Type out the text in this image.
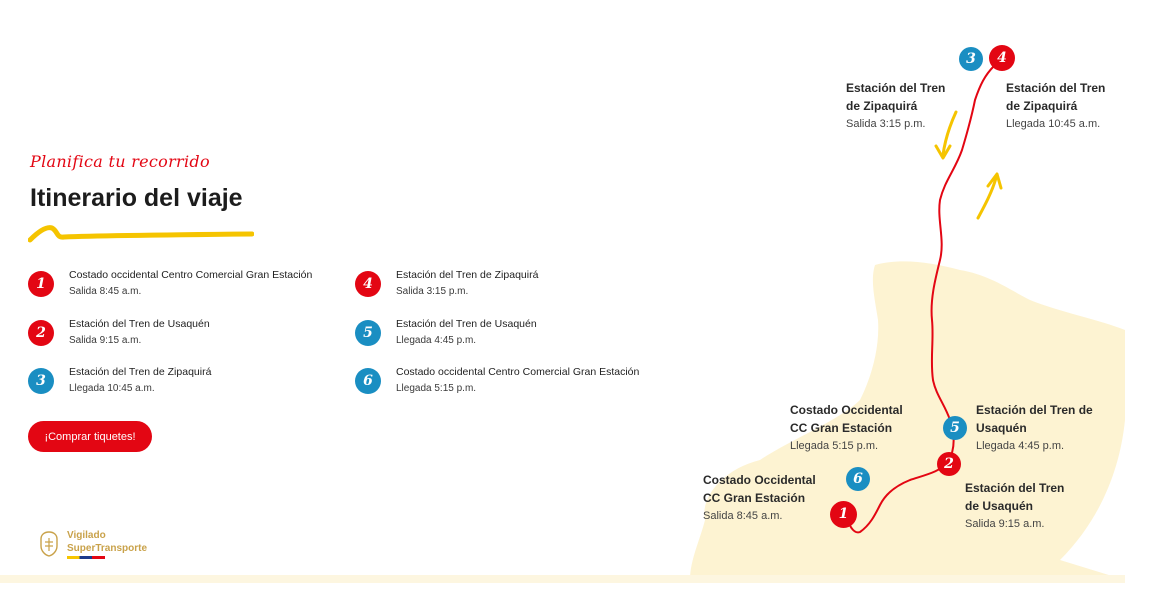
3	4
5
2
6
1
Estación del Tren
de Zipaquirá
Salida 3:15 p.m.
Estación del Tren
de Zipaquirá
Llegada 10:45 a.m.
Costado Occidental
CC Gran Estación
Llegada 5:15 p.m.
Estación del Tren de
Usaquén
Llegada 4:45 p.m.
Costado Occidental
CC Gran Estación
Salida 8:45 a.m.
Estación del Tren
de Usaquén
Salida 9:15 a.m.
Planifica tu recorrido
Itinerario del viaje
1
Costado occidental Centro Comercial Gran Estación
Salida 8:45 a.m.
2
Estación del Tren de Usaquén
Salida 9:15 a.m.
3
Estación del Tren de Zipaquirá
Llegada 10:45 a.m.
4
Estación del Tren de Zipaquirá
Salida 3:15 p.m.
5
Estación del Tren de Usaquén
Llegada 4:45 p.m.
6
Costado occidental Centro Comercial Gran Estación
Llegada 5:15 p.m.
¡Comprar tiquetes!
Vigilado
SuperTransporte
